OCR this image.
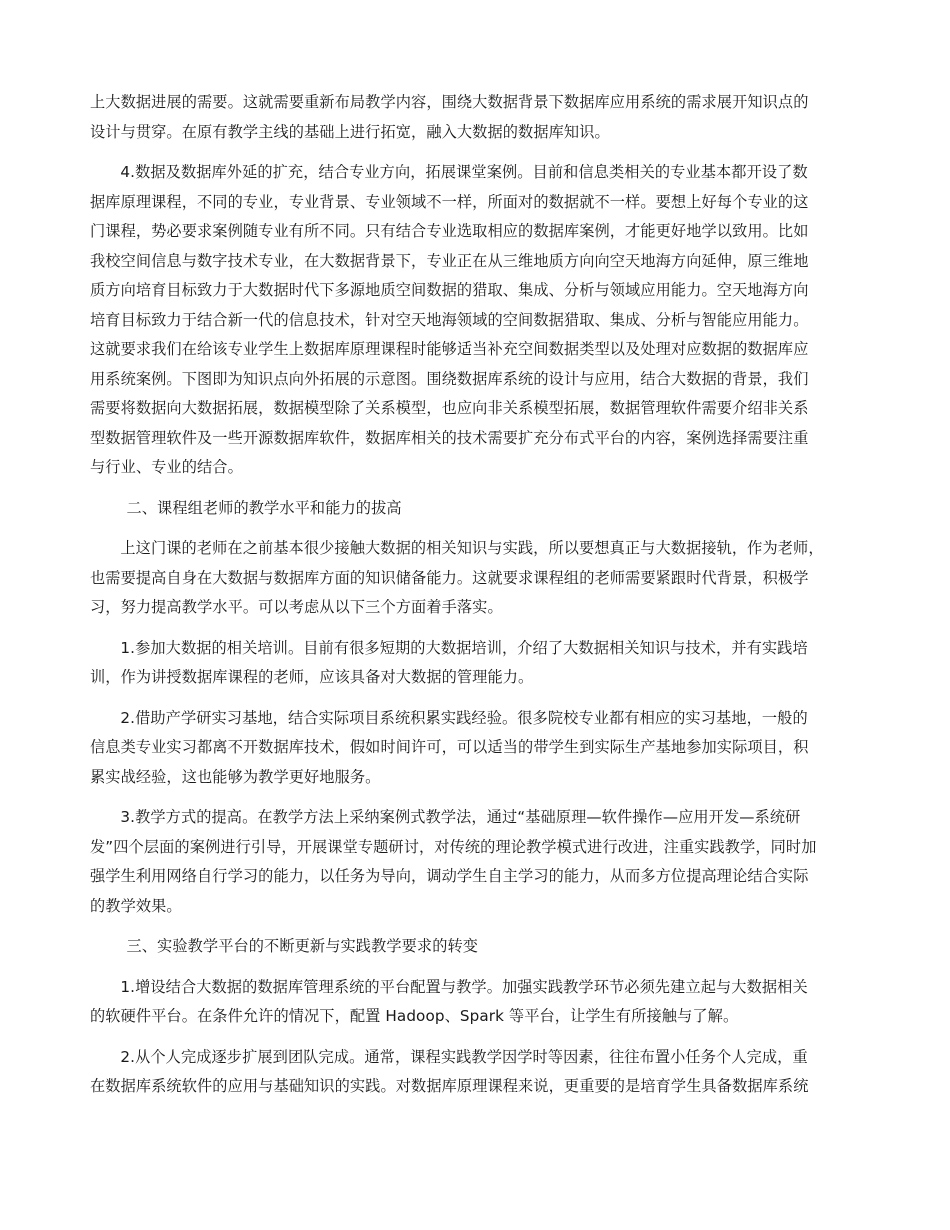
上大数据进展的需要。这就需要重新布局教学内容，围绕大数据背景下数据库应用系统的需求展开知识点的
设计与贯穿。在原有教学主线的基础上进行拓宽，融入大数据的数据库知识。

4.数据及数据库外延的扩充，结合专业方向，拓展课堂案例。目前和信息类相关的专业基本都开设了数
据库原理课程，不同的专业，专业背景、专业领域不一样，所面对的数据就不一样。要想上好每个专业的这
门课程，势必要求案例随专业有所不同。只有结合专业选取相应的数据库案例，才能更好地学以致用。比如
我校空间信息与数字技术专业，在大数据背景下，专业正在从三维地质方向向空天地海方向延伸，原三维地
质方向培育目标致力于大数据时代下多源地质空间数据的猎取、集成、分析与领域应用能力。空天地海方向
培育目标致力于结合新一代的信息技术，针对空天地海领域的空间数据猎取、集成、分析与智能应用能力。
这就要求我们在给该专业学生上数据库原理课程时能够适当补充空间数据类型以及处理对应数据的数据库应
用系统案例。下图即为知识点向外拓展的示意图。围绕数据库系统的设计与应用，结合大数据的背景，我们
需要将数据向大数据拓展，数据模型除了关系模型，也应向非关系模型拓展，数据管理软件需要介绍非关系
型数据管理软件及一些开源数据库软件，数据库相关的技术需要扩充分布式平台的内容，案例选择需要注重
与行业、专业的结合。

二、课程组老师的教学水平和能力的拔高

上这门课的老师在之前基本很少接触大数据的相关知识与实践，所以要想真正与大数据接轨，作为老师，
也需要提高自身在大数据与数据库方面的知识储备能力。这就要求课程组的老师需要紧跟时代背景，积极学
习，努力提高教学水平。可以考虑从以下三个方面着手落实。

1.参加大数据的相关培训。目前有很多短期的大数据培训，介绍了大数据相关知识与技术，并有实践培
训，作为讲授数据库课程的老师，应该具备对大数据的管理能力。

2.借助产学研实习基地，结合实际项目系统积累实践经验。很多院校专业都有相应的实习基地，一般的
信息类专业实习都离不开数据库技术，假如时间许可，可以适当的带学生到实际生产基地参加实际项目，积
累实战经验，这也能够为教学更好地服务。

3.教学方式的提高。在教学方法上采纳案例式教学法，通过“基础原理—软件操作—应用开发—系统研
发”四个层面的案例进行引导，开展课堂专题研讨，对传统的理论教学模式进行改进，注重实践教学，同时加
强学生利用网络自行学习的能力，以任务为导向，调动学生自主学习的能力，从而多方位提高理论结合实际
的教学效果。

三、实验教学平台的不断更新与实践教学要求的转变

1.增设结合大数据的数据库管理系统的平台配置与教学。加强实践教学环节必须先建立起与大数据相关
的软硬件平台。在条件允许的情况下，配置 Hadoop、Spark 等平台，让学生有所接触与了解。

2.从个人完成逐步扩展到团队完成。通常，课程实践教学因学时等因素，往往布置小任务个人完成，重
在数据库系统软件的应用与基础知识的实践。对数据库原理课程来说，更重要的是培育学生具备数据库系统
